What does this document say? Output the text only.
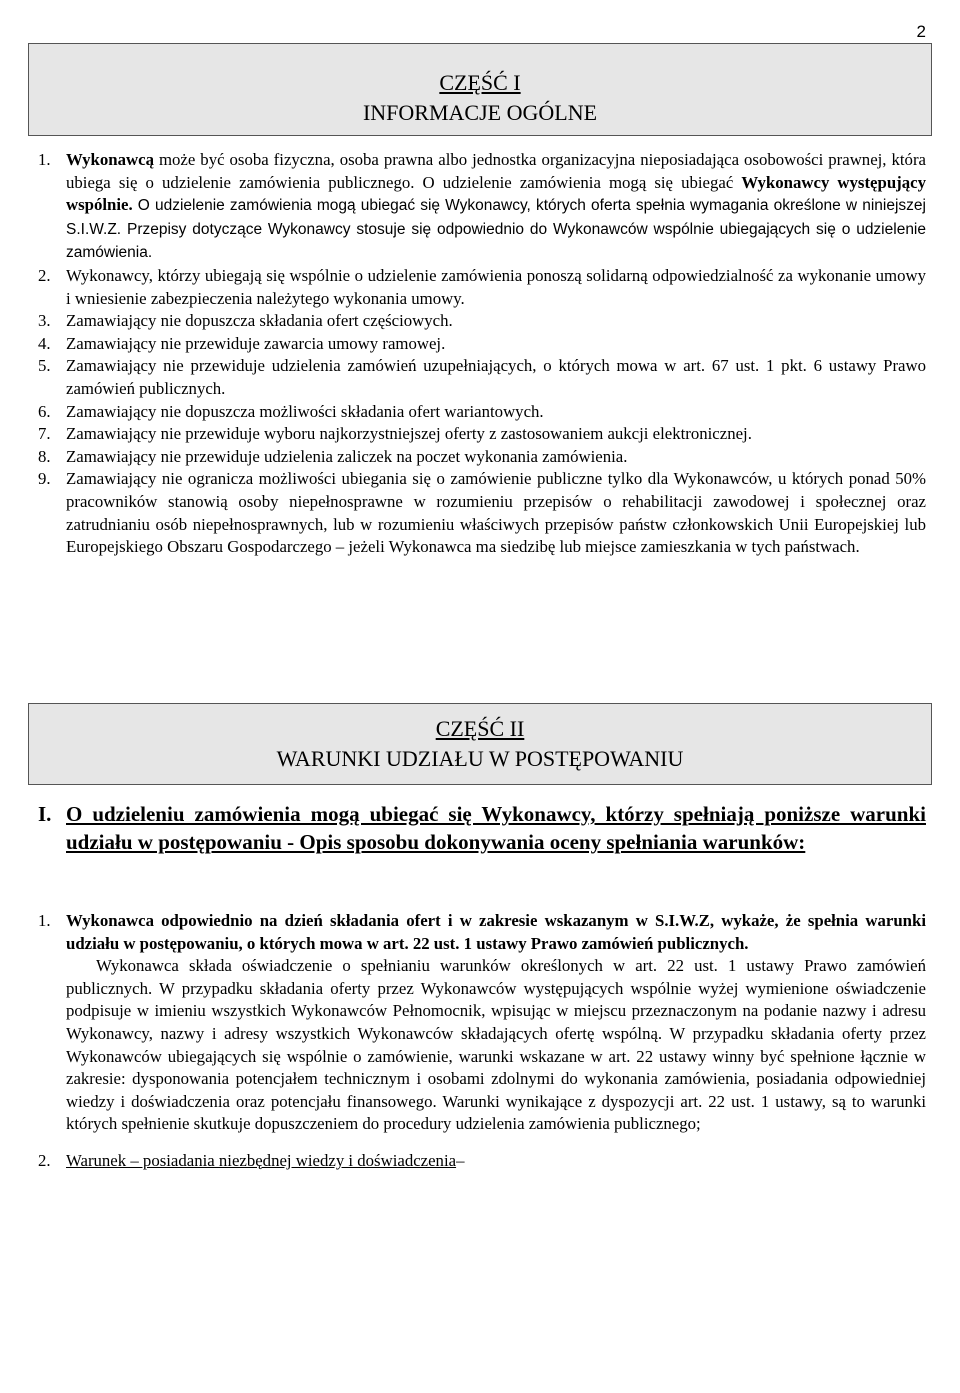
2
CZĘŚĆ I
INFORMACJE OGÓLNE
1. Wykonawcą może być osoba fizyczna, osoba prawna albo jednostka organizacyjna nieposiadająca osobowości prawnej, która ubiega się o udzielenie zamówienia publicznego. O udzielenie zamówienia mogą się ubiegać Wykonawcy występujący wspólnie. O udzielenie zamówienia mogą ubiegać się Wykonawcy, których oferta spełnia wymagania określone w niniejszej S.I.W.Z. Przepisy dotyczące Wykonawcy stosuje się odpowiednio do Wykonawców wspólnie ubiegających się o udzielenie zamówienia.
2. Wykonawcy, którzy ubiegają się wspólnie o udzielenie zamówienia ponoszą solidarną odpowiedzialność za wykonanie umowy i wniesienie zabezpieczenia należytego wykonania umowy.
3. Zamawiający nie dopuszcza składania ofert częściowych.
4. Zamawiający nie przewiduje zawarcia umowy ramowej.
5. Zamawiający nie przewiduje udzielenia zamówień uzupełniających, o których mowa w art. 67 ust. 1 pkt. 6 ustawy Prawo zamówień publicznych.
6. Zamawiający nie dopuszcza możliwości składania ofert wariantowych.
7. Zamawiający nie przewiduje wyboru najkorzystniejszej oferty z zastosowaniem aukcji elektronicznej.
8. Zamawiający nie przewiduje udzielenia zaliczek na poczet wykonania zamówienia.
9. Zamawiający nie ogranicza możliwości ubiegania się o zamówienie publiczne tylko dla Wykonawców, u których ponad 50% pracowników stanowią osoby niepełnosprawne w rozumieniu przepisów o rehabilitacji zawodowej i społecznej oraz zatrudnianiu osób niepełnosprawnych, lub w rozumieniu właściwych przepisów państw członkowskich Unii Europejskiej lub Europejskiego Obszaru Gospodarczego – jeżeli Wykonawca ma siedzibę lub miejsce zamieszkania w tych państwach.
CZĘŚĆ II
WARUNKI UDZIAŁU W POSTĘPOWANIU
I. O udzieleniu zamówienia mogą ubiegać się Wykonawcy, którzy spełniają poniższe warunki udziału w postępowaniu - Opis sposobu dokonywania oceny spełniania warunków:
1. Wykonawca odpowiednio na dzień składania ofert i w zakresie wskazanym w S.I.W.Z, wykaże, że spełnia warunki udziału w postępowaniu, o których mowa w art. 22 ust. 1 ustawy Prawo zamówień publicznych.
Wykonawca składa oświadczenie o spełnianiu warunków określonych w art. 22 ust. 1 ustawy Prawo zamówień publicznych. W przypadku składania oferty przez Wykonawców występujących wspólnie wyżej wymienione oświadczenie podpisuje w imieniu wszystkich Wykonawców Pełnomocnik, wpisując w miejscu przeznaczonym na podanie nazwy i adresu Wykonawcy, nazwy i adresy wszystkich Wykonawców składających ofertę wspólną. W przypadku składania oferty przez Wykonawców ubiegających się wspólnie o zamówienie, warunki wskazane w art. 22 ustawy winny być spełnione łącznie w zakresie: dysponowania potencjałem technicznym i osobami zdolnymi do wykonania zamówienia, posiadania odpowiedniej wiedzy i doświadczenia oraz potencjału finansowego. Warunki wynikające z dyspozycji art. 22 ust. 1 ustawy, są to warunki których spełnienie skutkuje dopuszczeniem do procedury udzielenia zamówienia publicznego;
2. Warunek – posiadania niezbędnej wiedzy i doświadczenia–
